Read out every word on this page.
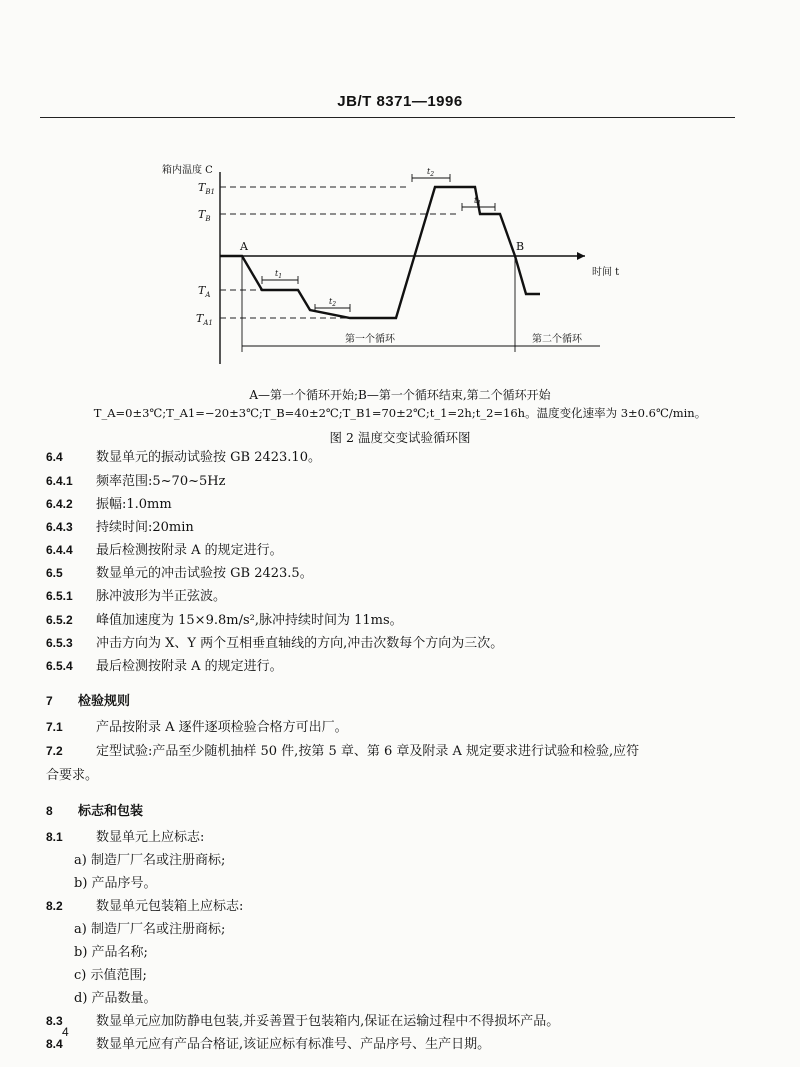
JB/T 8371—1996
箱内温度 C
时间 t
$T_{B1}$
$T_B$
$T_A$
$T_{A1}$
A	B
$t_1$
$t_2$
$t_2$
$t_1$
第一个循环	第二个循环
A—第一个循环开始;B—第一个循环结束,第二个循环开始
T_A=0±3℃;T_A1=−20±3℃;T_B=40±2℃;T_B1=70±2℃;t_1=2h;t_2=16h。温度变化速率为 3±0.6℃/min。
图 2 温度交变试验循环图
6.4	数显单元的振动试验按 GB 2423.10。
6.4.1 频率范围:5~70~5Hz
6.4.2 振幅:1.0mm
6.4.3 持续时间:20min
6.4.4 最后检测按附录 A 的规定进行。
6.5	数显单元的冲击试验按 GB 2423.5。
6.5.1 脉冲波形为半正弦波。
6.5.2 峰值加速度为 15×9.8m/s²,脉冲持续时间为 11ms。
6.5.3 冲击方向为 X、Y 两个互相垂直轴线的方向,冲击次数每个方向为三次。
6.5.4 最后检测按附录 A 的规定进行。
7 检验规则
7.1	产品按附录 A 逐件逐项检验合格方可出厂。
7.2	定型试验:产品至少随机抽样 50 件,按第 5 章、第 6 章及附录 A 规定要求进行试验和检验,应符
合要求。
8 标志和包装
8.1	数显单元上应标志:
a) 制造厂厂名或注册商标;
b) 产品序号。
8.2	数显单元包装箱上应标志:
a) 制造厂厂名或注册商标;
b) 产品名称;
c) 示值范围;
d) 产品数量。
8.3	数显单元应加防静电包装,并妥善置于包装箱内,保证在运输过程中不得损坏产品。
8.4	数显单元应有产品合格证,该证应标有标准号、产品序号、生产日期。
4
